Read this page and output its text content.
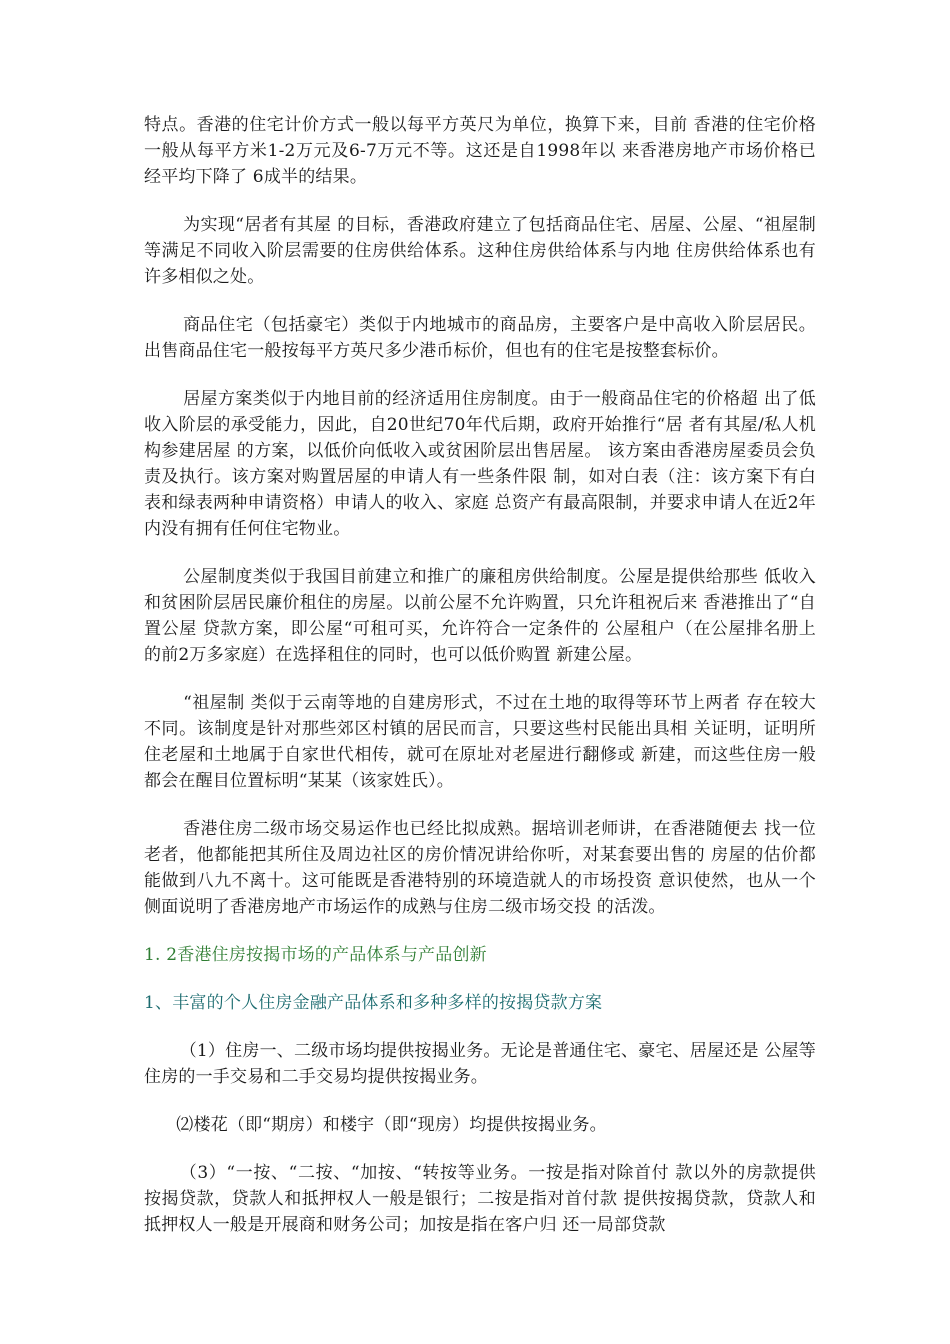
特点。香港的住宅计价方式一般以每平方英尺为单位，换算下来，目前 香港的住宅价格一般从每平方米1-2万元及6-7万元不等。这还是自1998年以 来香港房地产市场价格已经平均下降了 6成半的结果。

为实现“居者有其屋 的目标，香港政府建立了包括商品住宅、居屋、公屋、“祖屋制 等满足不同收入阶层需要的住房供给体系。这种住房供给体系与内地 住房供给体系也有许多相似之处。

商品住宅（包括豪宅）类似于内地城市的商品房，主要客户是中高收入阶层居民。出售商品住宅一般按每平方英尺多少港币标价，但也有的住宅是按整套标价。

居屋方案类似于内地目前的经济适用住房制度。由于一般商品住宅的价格超 出了低收入阶层的承受能力，因此，自20世纪70年代后期，政府开始推行“居 者有其屋/私人机构参建居屋 的方案，以低价向低收入或贫困阶层出售居屋。 该方案由香港房屋委员会负责及执行。该方案对购置居屋的申请人有一些条件限 制，如对白表（注：该方案下有白表和绿表两种申请资格）申请人的收入、家庭 总资产有最高限制，并要求申请人在近2年内没有拥有任何住宅物业。

公屋制度类似于我国目前建立和推广的廉租房供给制度。公屋是提供给那些 低收入和贫困阶层居民廉价租住的房屋。以前公屋不允许购置，只允许租祝后来 香港推出了“自置公屋 贷款方案，即公屋“可租可买，允许符合一定条件的 公屋租户（在公屋排名册上的前2万多家庭）在选择租住的同时，也可以低价购置 新建公屋。

“祖屋制 类似于云南等地的自建房形式，不过在土地的取得等环节上两者 存在较大不同。该制度是针对那些郊区村镇的居民而言，只要这些村民能出具相 关证明，证明所住老屋和土地属于自家世代相传，就可在原址对老屋进行翻修或 新建，而这些住房一般都会在醒目位置标明“某某（该家姓氏）。

香港住房二级市场交易运作也已经比拟成熟。据培训老师讲，在香港随便去 找一位老者，他都能把其所住及周边社区的房价情况讲给你听，对某套要出售的 房屋的估价都能做到八九不离十。这可能既是香港特别的环境造就人的市场投资 意识使然，也从一个侧面说明了香港房地产市场运作的成熟与住房二级市场交投 的活泼。

1. 2香港住房按揭市场的产品体系与产品创新

1、丰富的个人住房金融产品体系和多种多样的按揭贷款方案

（1）住房一、二级市场均提供按揭业务。无论是普通住宅、豪宅、居屋还是 公屋等住房的一手交易和二手交易均提供按揭业务。

⑵楼花（即“期房）和楼宇（即“现房）均提供按揭业务。

（3）“一按、“二按、“加按、“转按等业务。一按是指对除首付 款以外的房款提供按揭贷款，贷款人和抵押权人一般是银行；二按是指对首付款 提供按揭贷款，贷款人和抵押权人一般是开展商和财务公司；加按是指在客户归 还一局部贷款
